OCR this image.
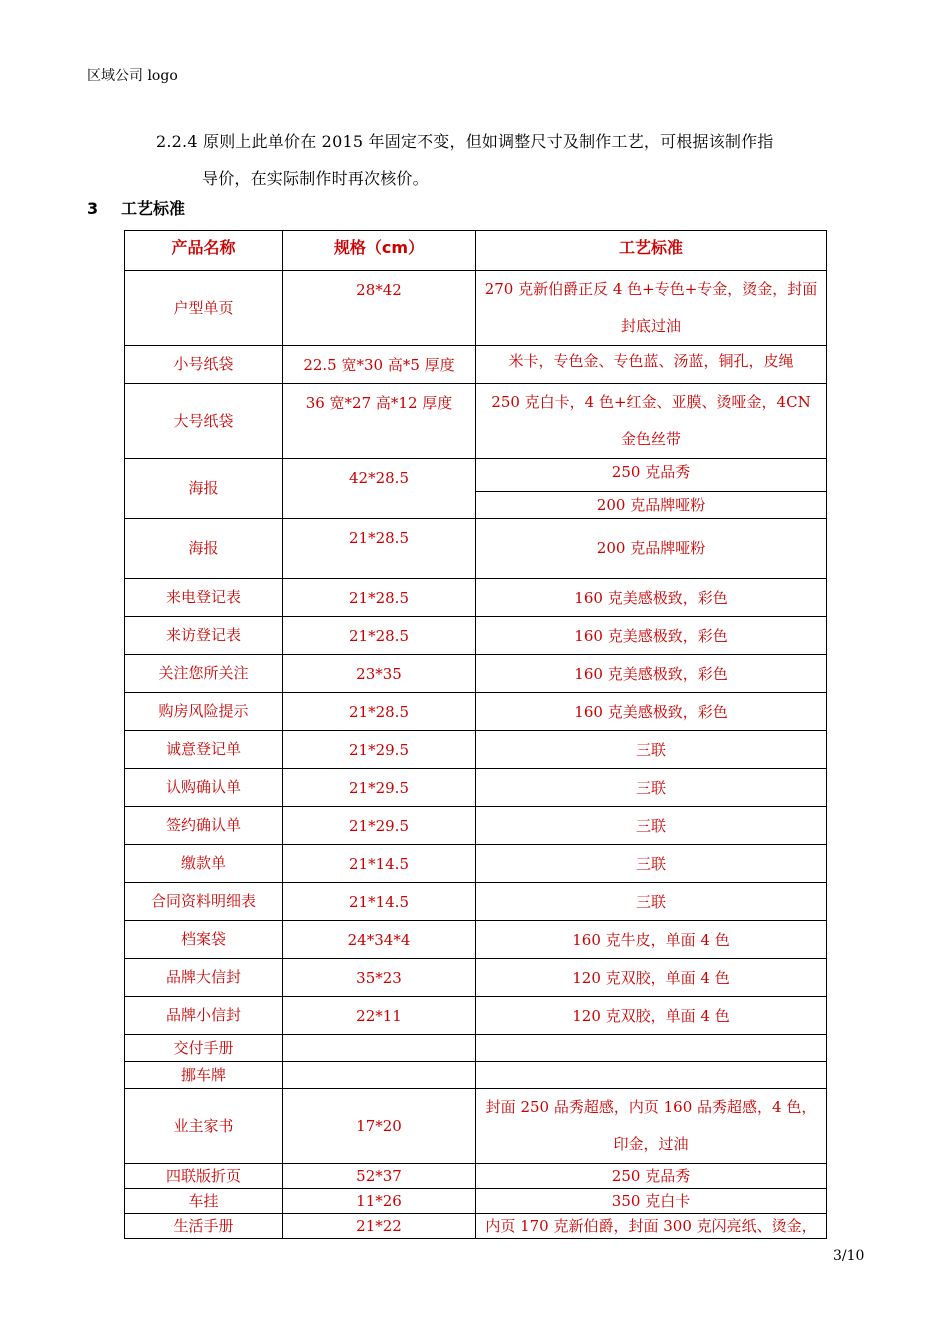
区域公司 logo
2.2.4 原则上此单价在 2015 年固定不变，但如调整尺寸及制作工艺，可根据该制作指
导价，在实际制作时再次核价。
3 工艺标准
产品名称	规格（cm）	工艺标准
户型单页	28*42	270 克新伯爵正反 4 色+专色+专金，烫金，封面封底过油
小号纸袋	22.5 宽*30 高*5 厚度	米卡，专色金、专色蓝、汤蓝，铜孔，皮绳
大号纸袋	36 宽*27 高*12 厚度	250 克白卡，4 色+红金、亚膜、烫哑金，4CN 金色丝带
海报	42*28.5	250 克品秀
		200 克品牌哑粉
海报	21*28.5	200 克品牌哑粉
来电登记表	21*28.5	160 克美感极致，彩色
来访登记表	21*28.5	160 克美感极致，彩色
关注您所关注	23*35	160 克美感极致，彩色
购房风险提示	21*28.5	160 克美感极致，彩色
诚意登记单	21*29.5	三联
认购确认单	21*29.5	三联
签约确认单	21*29.5	三联
缴款单	21*14.5	三联
合同资料明细表	21*14.5	三联
档案袋	24*34*4	160 克牛皮，单面 4 色
品牌大信封	35*23	120 克双胶，单面 4 色
品牌小信封	22*11	120 克双胶，单面 4 色
交付手册		
挪车牌		
业主家书	17*20	封面 250 品秀超感，内页 160 品秀超感，4 色，印金，过油
四联版折页	52*37	250 克品秀
车挂	11*26	350 克白卡
生活手册	21*22	内页 170 克新伯爵，封面 300 克闪亮纸、烫金，
3/10
